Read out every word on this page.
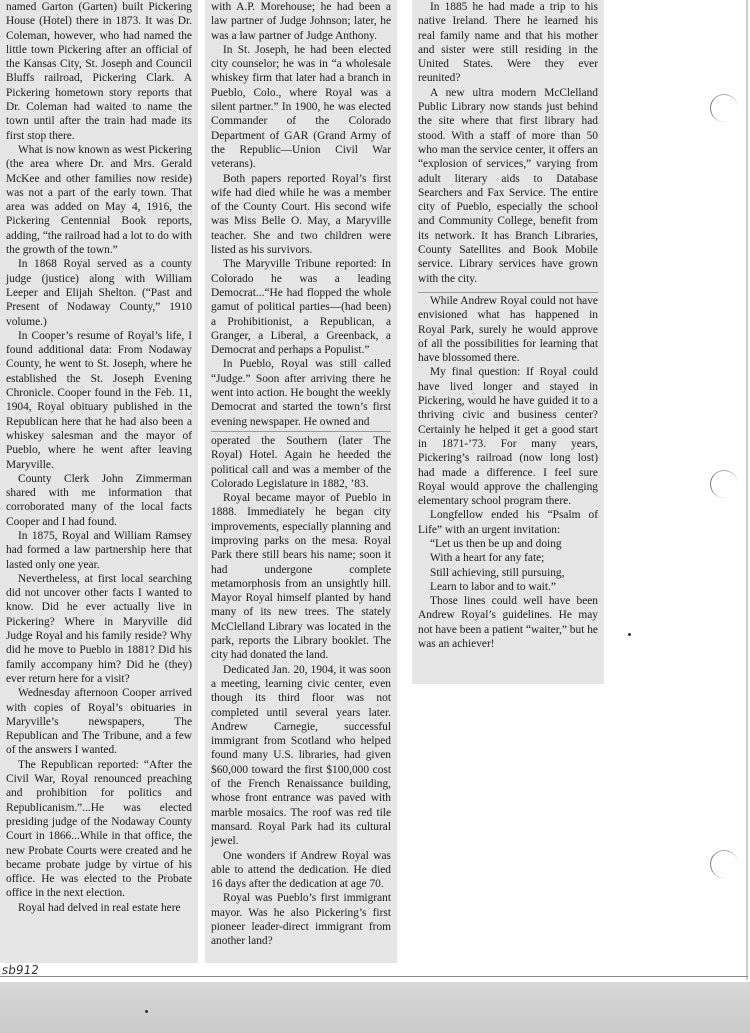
named Garton (Garten) built Pickering House (Hotel) there in 1873. It was Dr. Coleman, however, who had named the little town Pickering after an official of the Kansas City, St. Joseph and Council Bluffs railroad, Pickering Clark. A Pickering hometown story reports that Dr. Coleman had waited to name the town until after the train had made its first stop there.

What is now known as west Pickering (the area where Dr. and Mrs. Gerald McKee and other families now reside) was not a part of the early town. That area was added on May 4, 1916, the Pickering Centennial Book reports, adding, “the railroad had a lot to do with the growth of the town.”

In 1868 Royal served as a county judge (justice) along with William Leeper and Elijah Shelton. (“Past and Present of Nodaway County,” 1910 volume.)

In Cooper’s resume of Royal’s life, I found additional data: From Nodaway County, he went to St. Joseph, where he established the St. Joseph Evening Chronicle. Cooper found in the Feb. 11, 1904, Royal obituary published in the Republican here that he had also been a whiskey salesman and the mayor of Pueblo, where he went after leaving Maryville.

County Clerk John Zimmerman shared with me information that corroborated many of the local facts Cooper and I had found.

In 1875, Royal and William Ramsey had formed a law partnership here that lasted only one year.

Nevertheless, at first local searching did not uncover other facts I wanted to know. Did he ever actually live in Pickering? Where in Maryville did Judge Royal and his family reside? Why did he move to Pueblo in 1881? Did his family accompany him? Did he (they) ever return here for a visit?

Wednesday afternoon Cooper arrived with copies of Royal’s obituaries in Maryville’s newspapers, The Republican and The Tribune, and a few of the answers I wanted.

The Republican reported: “After the Civil War, Royal renounced preaching and prohibition for politics and Republicanism.”...He was elected presiding judge of the Nodaway County Court in 1866...While in that office, the new Probate Courts were created and he became probate judge by virtue of his office. He was elected to the Probate office in the next election.

Royal had delved in real estate here

with A.P. Morehouse; he had been a law partner of Judge Johnson; later, he was a law partner of Judge Anthony.

In St. Joseph, he had been elected city counselor; he was in “a wholesale whiskey firm that later had a branch in Pueblo, Colo., where Royal was a silent partner.” In 1900, he was elected Commander of the Colorado Department of GAR (Grand Army of the Republic—Union Civil War veterans).

Both papers reported Royal’s first wife had died while he was a member of the County Court. His second wife was Miss Belle O. May, a Maryville teacher. She and two children were listed as his survivors.

The Maryville Tribune reported: In Colorado he was a leading Democrat...“He had flopped the whole gamut of political parties—(had been) a Prohibitionist, a Republican, a Granger, a Liberal, a Greenback, a Democrat and perhaps a Populist.”

In Pueblo, Royal was still called “Judge.” Soon after arriving there he went into action. He bought the weekly Democrat and started the town’s first evening newspaper. He owned and

operated the Southern (later The Royal) Hotel. Again he heeded the political call and was a member of the Colorado Legislature in 1882, ’83.

Royal became mayor of Pueblo in 1888. Immediately he began city improvements, especially planning and improving parks on the mesa. Royal Park there still bears his name; soon it had undergone complete metamorphosis from an unsightly hill. Mayor Royal himself planted by hand many of its new trees. The stately McClelland Library was located in the park, reports the Library booklet. The city had donated the land.

Dedicated Jan. 20, 1904, it was soon a meeting, learning civic center, even though its third floor was not completed until several years later. Andrew Carnegie, successful immigrant from Scotland who helped found many U.S. libraries, had given $60,000 toward the first $100,000 cost of the French Renaissance building, whose front entrance was paved with marble mosaics. The roof was red tile mansard. Royal Park had its cultural jewel.

One wonders if Andrew Royal was able to attend the dedication. He died 16 days after the dedication at age 70.

Royal was Pueblo’s first immigrant mayor. Was he also Pickering’s first pioneer leader-direct immigrant from another land?

In 1885 he had made a trip to his native Ireland. There he learned his real family name and that his mother and sister were still residing in the United States. Were they ever reunited?

A new ultra modern McClelland Public Library now stands just behind the site where that first library had stood. With a staff of more than 50 who man the service center, it offers an “explosion of services,” varying from adult literary aids to Database Searchers and Fax Service. The entire city of Pueblo, especially the school and Community College, benefit from its network. It has Branch Libraries, County Satellites and Book Mobile service. Library services have grown with the city.

While Andrew Royal could not have envisioned what has happened in Royal Park, surely he would approve of all the possibilities for learning that have blossomed there.

My final question: If Royal could have lived longer and stayed in Pickering, would he have guided it to a thriving civic and business center? Certainly he helped it get a good start in 1871-’73. For many years, Pickering’s railroad (now long lost) had made a difference. I feel sure Royal would approve the challenging elementary school program there.

Longfellow ended his “Psalm of Life” with an urgent invitation:

“Let us then be up and doing

With a heart for any fate;

Still achieving, still pursuing,

Learn to labor and to wait.”

Those lines could well have been Andrew Royal’s guidelines. He may not have been a patient “waiter,” but he was an achiever!

sb912
